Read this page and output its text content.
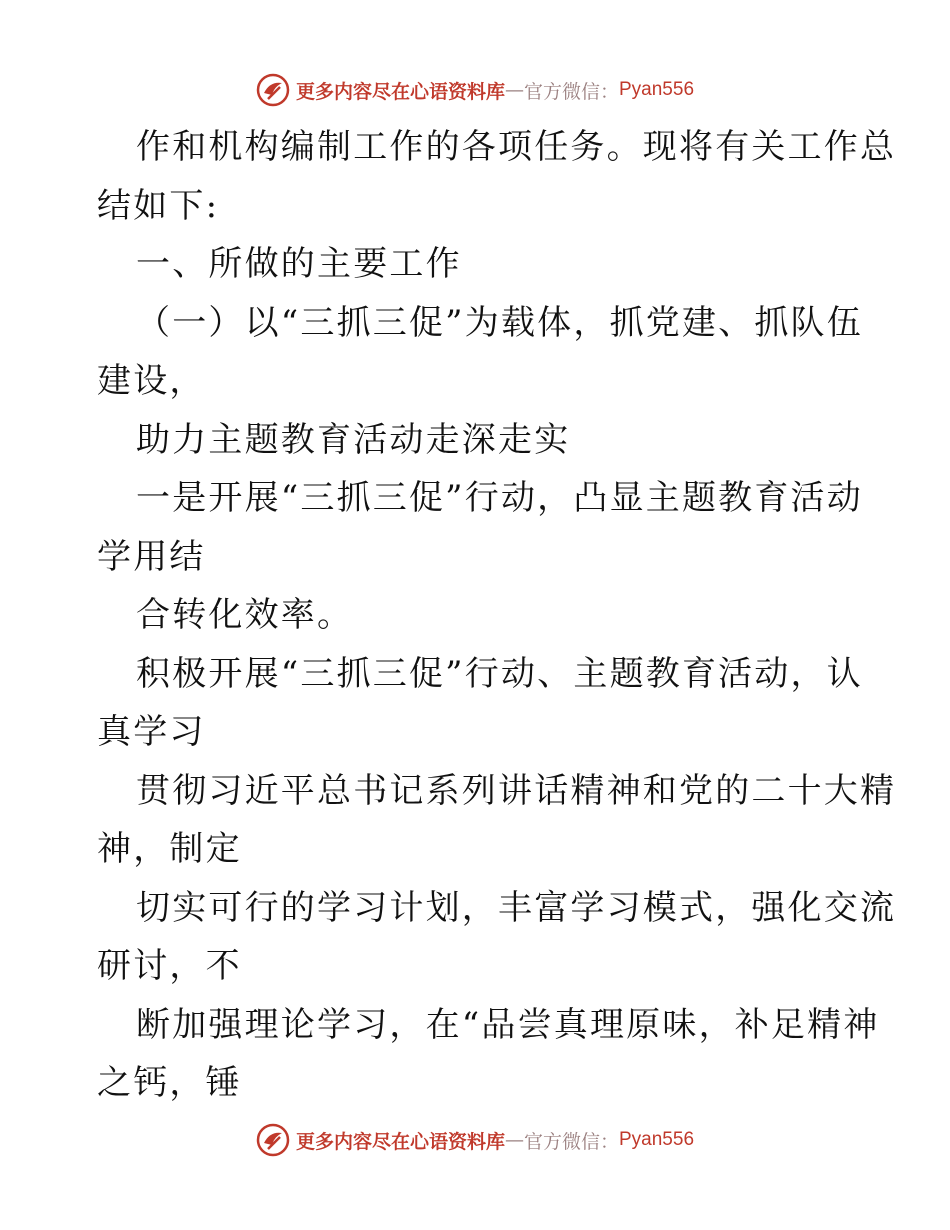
更多内容尽在心语资料库 — 官方微信： Pyan556
作和机构编制工作的各项任务。现将有关工作总
结如下:
一、所做的主要工作
（一）以“三抓三促”为载体，抓党建、抓队伍
建设，
助力主题教育活动走深走实
一是开展“三抓三促”行动，凸显主题教育活动
学用结
合转化效率。
积极开展“三抓三促”行动、主题教育活动，认
真学习
贯彻习近平总书记系列讲话精神和党的二十大精
神，制定
切实可行的学习计划，丰富学习模式，强化交流
研讨，不
断加强理论学习，在“品尝真理原味，补足精神
之钙，锤
更多内容尽在心语资料库 — 官方微信： Pyan556
